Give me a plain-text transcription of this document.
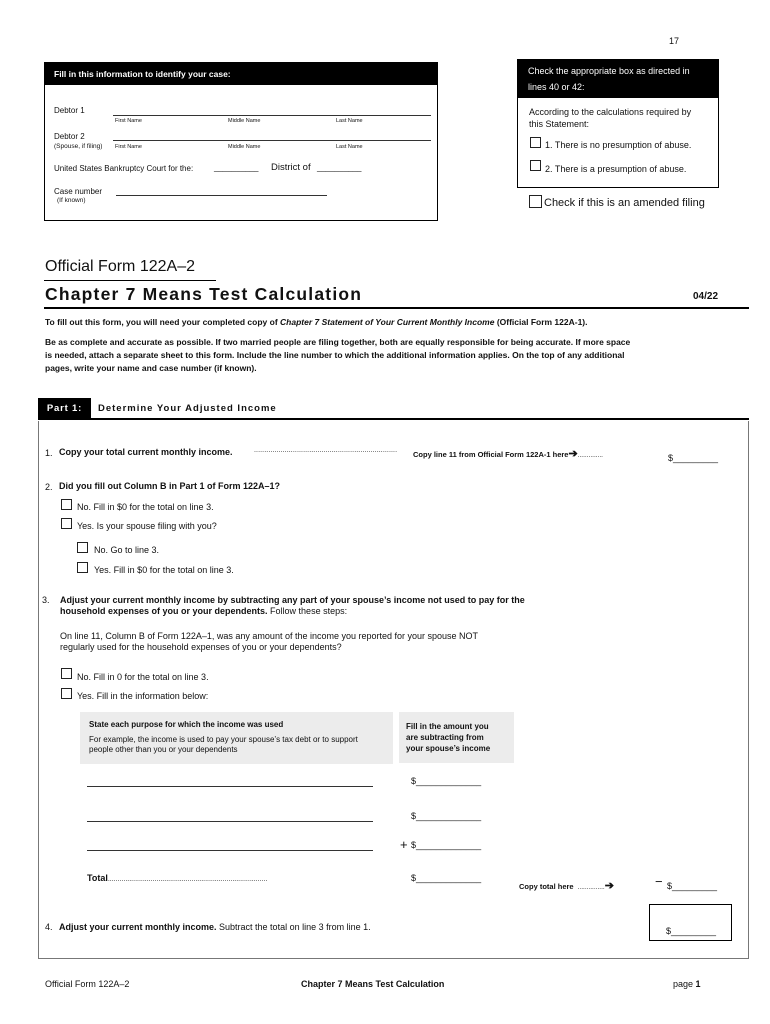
17
Fill in this information to identify your case:
Debtor 1
First Name	Middle Name	Last Name
Debtor 2
(Spouse, if filing) First Name	Middle Name	Last Name
United States Bankruptcy Court for the:	__________ District of __________
Case number
(If known)
Check the appropriate box as directed in
lines 40 or 42:
According to the calculations required by
this Statement:
1. There is no presumption of abuse.
2. There is a presumption of abuse.
Check if this is an amended filing
Official Form 122A–2
Chapter 7 Means Test Calculation	04/22
To fill out this form, you will need your completed copy of Chapter 7 Statement of Your Current Monthly Income (Official Form 122A-1).
Be as complete and accurate as possible. If two married people are filing together, both are equally responsible for being accurate. If more space
is needed, attach a separate sheet to this form. Include the line number to which the additional information applies. On the top of any additional
pages, write your name and case number (if known).
Part 1:	Determine Your Adjusted Income
1. Copy your total current monthly income.	...................................................................... Copy line 11 from Official Form 122A-1 here➔..............	$_________
2. Did you fill out Column B in Part 1 of Form 122A–1?
No. Fill in $0 for the total on line 3.
Yes. Is your spouse filing with you?
No. Go to line 3.
Yes. Fill in $0 for the total on line 3.
3. Adjust your current monthly income by subtracting any part of your spouse’s income not used to pay for the
household expenses of you or your dependents. Follow these steps:
On line 11, Column B of Form 122A–1, was any amount of the income you reported for your spouse NOT
regularly used for the household expenses of you or your dependents?
No. Fill in 0 for the total on line 3.
Yes. Fill in the information below:
State each purpose for which the income was used
For example, the income is used to pay your spouse’s tax debt or to support
people other than you or your dependents
Fill in the amount you
are subtracting from
your spouse’s income
$_____________
$_____________
+ $_____________
Total..................................................................................	$_____________
Copy total here ...............➔	− $_________
4. Adjust your current monthly income. Subtract the total on line 3 from line 1.	$_________
Official Form 122A–2	Chapter 7 Means Test Calculation	page 1
